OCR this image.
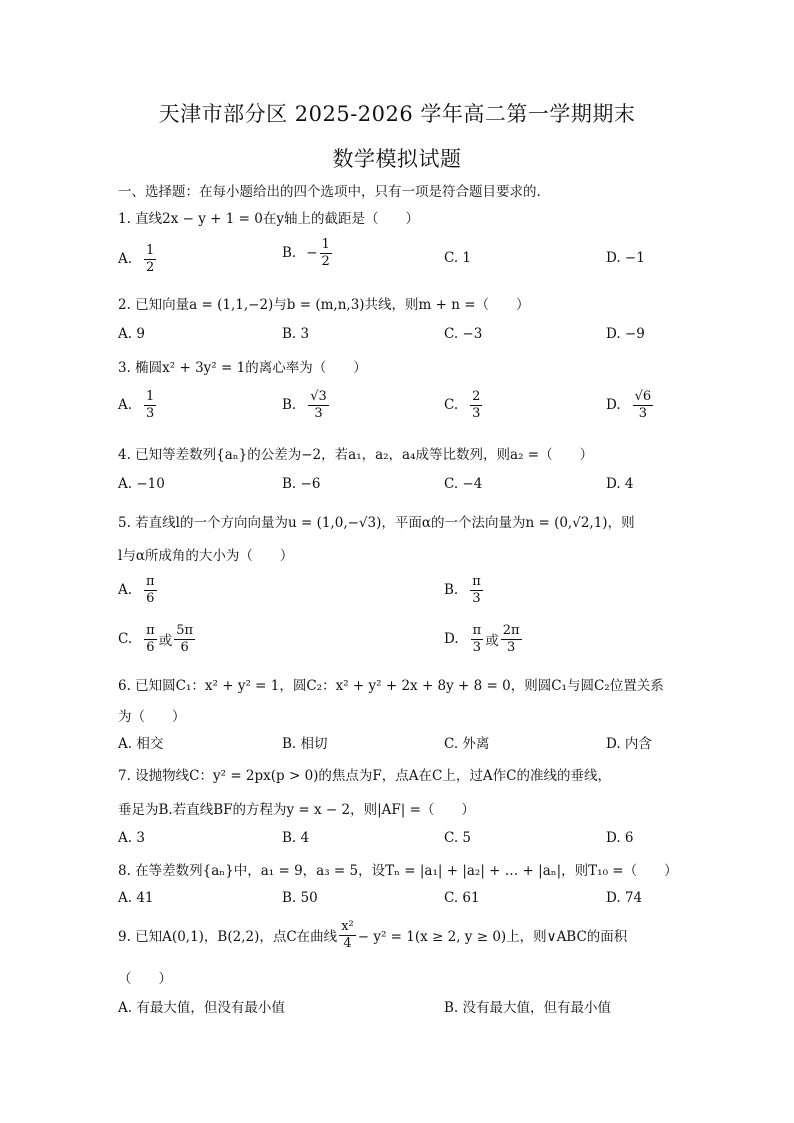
天津市部分区 2025-2026 学年高二第一学期期末
数学模拟试题
一、选择题：在每小题给出的四个选项中，只有一项是符合题目要求的.
1. 直线2x − y + 1 = 0在y轴上的截距是（　　）
A. $\frac{1}{2}$	B. − $\frac{1}{2}$	C. 1	D. −1
2. 已知向量a = (1,1,−2)与b = (m,n,3)共线，则m + n =（　　）
A. 9	B. 3	C. −3	D. −9
3. 椭圆x² + 3y² = 1的离心率为（　　）
A. $\frac{1}{3}$	B. $\frac{√3}{3}$	C. $\frac{2}{3}$	D. $\frac{√6}{3}$
4. 已知等差数列{aₙ}的公差为−2，若a₁，a₂，a₄成等比数列，则a₂ =（　　）
A. −10	B. −6	C. −4	D. 4
5. 若直线l的一个方向向量为u = (1,0,−√3)，平面α的一个法向量为n = (0,√2,1)，则
l与α所成角的大小为（　　）
A. $\frac{\pi}{6}$	B. $\frac{\pi}{3}$
C. $\frac{\pi}{6}$ 或 $\frac{5\pi}{6}$	D. $\frac{\pi}{3}$ 或 $\frac{2\pi}{3}$
6. 已知圆C₁：x² + y² = 1，圆C₂：x² + y² + 2x + 8y + 8 = 0，则圆C₁与圆C₂位置关系
为（　　）
A. 相交	B. 相切	C. 外离	D. 内含
7. 设抛物线C：y² = 2px(p > 0)的焦点为F，点A在C上，过A作C的准线的垂线，
垂足为B.若直线BF的方程为y = x − 2，则|AF| =（　　）
A. 3	B. 4	C. 5	D. 6
8. 在等差数列{aₙ}中，a₁ = 9，a₃ = 5，设Tₙ = |a₁| + |a₂| + … + |aₙ|，则T₁₀ =（　　）
A. 41	B. 50	C. 61	D. 74
9. 已知A(0,1)，B(2,2)，点C在曲线 $\frac{\text{x²}}{4} - y^2 = 1(x \ge 2$, y ≥ 0)上，则∨ABC的面积
（　　）
A. 有最大值，但没有最小值	B. 没有最大值，但有最小值
